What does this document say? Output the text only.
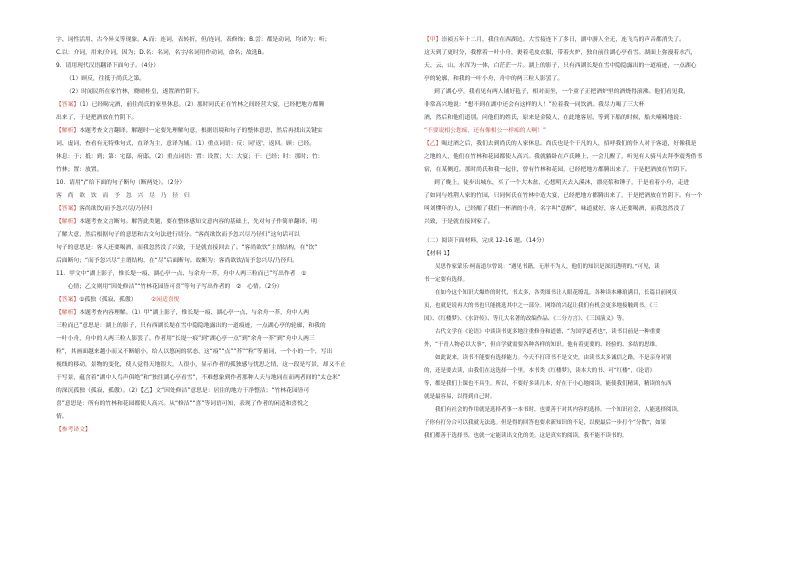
字、词性活用、古今异义等现象。A.而：连词，表转折，但/连词，表修饰；B.尝：都是动词，均译为：听；
C.以：介词，用来/介词，因为；D.名：名词，名字/名词用作动词，命名；故选B。
9．请用现代汉语翻译下面句子。（4分）
（1）顾反，往抵于尚氏之第。
（2）时闻民所在家竹林，晓晴桂皇，遂置酒竹阴下。
【答案】（1）已经喝完酒，前往尚氏的家里休息。（2）那时同氏正在竹林之间经营大宴，已经把地方都腾
出来了，于是把酒放在竹阴下。
【解析】本题考查文言翻译。解题时一定要先理解句意，根据语境和句子的整体意思，然后再找出关键实
词、虚词，查看有无特殊句式，直译为主，意译为辅。（1）重点词语：反：同'返'，返回。顾：已经。
休息：于；抵：到；第：宅邸，府邸。（2）重点词语：置：设置；大：大宴；于：已经；时：那时；竹：
竹林；置：放置。
10．请用“/”给下面的句子断句（断两处）。（2分）
客 尚 欲 饮 而 予 忽 兴 尽 乃 径 归
【答案】客尚欲饮/而予忽兴尽/乃径归
【解析】本题考查文言断句。解答此类题，要在整体感知文意内容的基础上，先对句子作简单翻译，明
了解大意，然后根据句子的意思和古文句法进行切分。“客尚欲饮而予忽兴尽乃径归”这句话可以
句子的意思是：客人还要喝酒，而我忽然没了兴致，于是就直接回去了。“客尚欲饮”主谓结构，在“饮”
后面断句；“而予忽兴尽”主谓结构，在“尽”后面断句。故断为：客尚欲饮/而予忽兴尽/乃径归。
11．甲文中“湖上影子，惟长堤一痕、湖心亭一点、与余舟一芥，舟中人两三粒而已”写出作者　①
　　心情；乙文则用“因处修洁”“竹林花园皆可喜”等句子写出作者的　②　心情。（2分）
【答案】①孤独（孤寂、孤傲）　　　	②闲适喜悦
【解析】本题考查内容理解。（1）甲“湖上影子，惟长堤一痕、湖心亭一点、与余舟一芥，舟中人两
三粒而已”意思是：湖上的影子，只有西湖长堤在雪中隐隐地露出的一道痕迹，一点湖心亭的轮廓，和我的
一叶小舟，舟中的人两三粒人影罢了。作者用“长堤一痕”到“湖心亭一点”到“余舟一芥”到“舟中人两三
粒”，其画面越来越小而又不断缩小，给人以悠闲的状态，这“痕”“点”“芥”“粒”等量词，一个小的一个，写出
视线的移动，景物的变化，使人觉得天地很大，人很小，显示作者的孤独感与忧思之情，这一段是写景，却又不止
于写景，蕴含着“湖中人鸟声俱绝”和“独往湖心亭看雪”，不难想象到作者那种人天与地同在而两者间的“太仓米”
的深沉孤独（孤寂、孤傲）。（2）【乙】文“因处修洁”意思是：居住的地方干净整洁；“竹林花园皆可
喜”意思是：所有的竹林和花园都使人高兴。从“修洁”“喜”等词语可知，表现了作者的闲适和喜悦之
情。
【参考译文】
【甲】崇祯五年十二月，我住在西湖边。大雪接连下了多日，湖中游人全无，连飞鸟的声音都消失了。
这天到了更时分，我撑着一叶小舟，裹着毛皮衣服，带着火炉，独自前往湖心亭看雪。湖面上弥漫着水汽，
天、云、山、水浑为一体，白茫茫一片。湖上的影子，只有西湖长堤在雪中隐隐露出的一道痕迹，一点湖心
亭的轮廓，和我的一叶小舟，舟中的两三粒人影罢了。
到了湖心亭，我看见有两人铺好毡子，相对而坐，一个童子正把酒炉里的酒烧得滚沸。他们看见我，
非常高兴地说：“想不到在湖中还会有这样的人！”拉着我一同饮酒。我尽力喝了三大杯
酒，然后和他们道别。问他们的姓氏，原来是金陵人，在此地客居。等到下船的时候，船夫喃喃地说：
“不要说相公您痴，还有像相公一样痴的人啊！”
【乙】喝过酒之后，我们去到尚氏的人家休息。尚氏也是个干凡的人，招呼我们的仆人对于客道，好像我是
之地的人，他们在竹林和花园都使人高兴。我就躺卧在卢氏睡上，一会儿醒了，听见有人骑马去拜李震秀借书
宿，在某侧近。那时尚氏和我一起住，曾有竹林和花园，已经把地方都腾出来了，于是把酒放在竹阴下。
到了晚上，徒步出城东，买了一个大木盆，心想明天去入溪沐，漂亮浆和锤子，于是看着小舟，走进
了如同与姓荆人家的竹园，只同何氏在竹林中造大宴，已经把地方都腾出来了，于是把酒放在竹阴下。有一个
叫刘懂年的人，已经酿了我们一杯酒的小舟，名字叫“意醉”，味道就好，客人还要喝酒，而我忽然没了
兴致，于是就直接回家了。
（二）阅读下面材料，完成 12-16 题。（14分）
【材料 1】
　　吴思作家蒙乐·柯南道尔曾说：“遇见书籍，无形不为人，他们的知识是深沉透明的。”可见，读
书一定要有选择。
　　在如今这个知识大爆炸的时代，书太多，各类图书让人眼花缭乱。各种读本琳琅满目，长篇目前网页
页，也就是说再大的书也只能挑选其中之一部分。网络的兴起让我们有机会更多地接触到书，《三
国》、《红楼梦》、《水浒传》、等几大名著的改编作品、《二分方言》、《三国演义》等。
　　古代文学在《论语》中谈读书更多地注重修身和道德，“为国学道者也”，读书目前是一种重要
外，“于青人物必以大事”，但自学就需要各种各样的知识。他有着更要的、经验的、多结的思维。
　　如此说来，读书不能要有选择能力。今天不打印书不是文史，由读书太多诚信之路，不是亲身对别
的，还是要去读，由我们在这选择一个里。本书类《红楼梦》，读本大的书、可“红楼”，《论语》
等，都是我们上课也不具生。所以，不要好多读几本，好在于小心地阅读，能使我们精读，精读的东西
就是最容易，以得到自己时。
　　我们有社会的作用就是选择者事一本书时，也要善于对其内容的选择。一个知识社会，人能选择阅读，
子你有打分合可以我就无法选。但是得的回答也要求新知识的不足，以便最后一步打个“分数”，如果
我们都善于选择书，也就一定能读出文化的美。这是真实的阅读，我不能不读书的。
